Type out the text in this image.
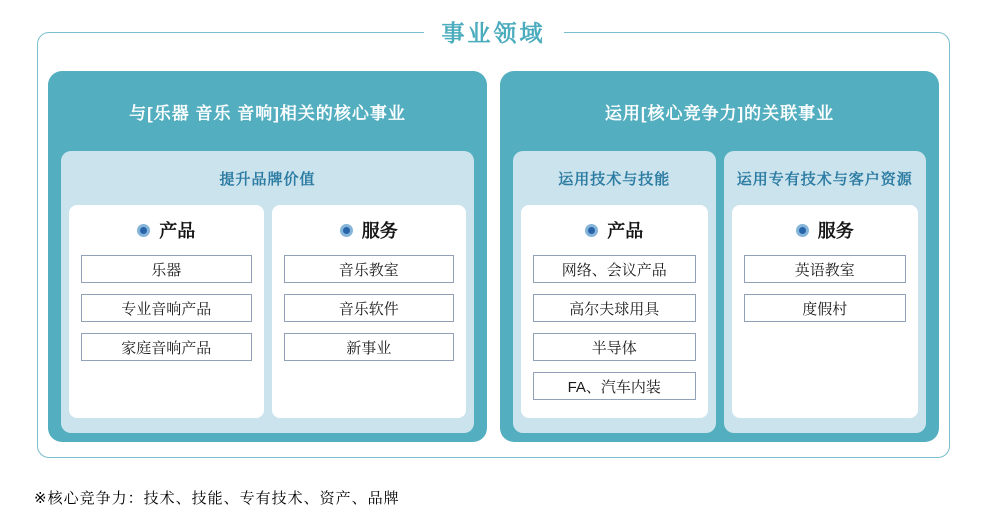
事业领域
与[乐器 音乐 音响]相关的核心事业
提升品牌价值
产品
乐器
专业音响产品
家庭音响产品
服务
音乐教室
音乐软件
新事业
运用[核心竞争力]的关联事业
运用技术与技能
产品
网络、会议产品
高尔夫球用具
半导体
FA、汽车内装
运用专有技术与客户资源
服务
英语教室
度假村
※核心竞争力：技术、技能、专有技术、资产、品牌
